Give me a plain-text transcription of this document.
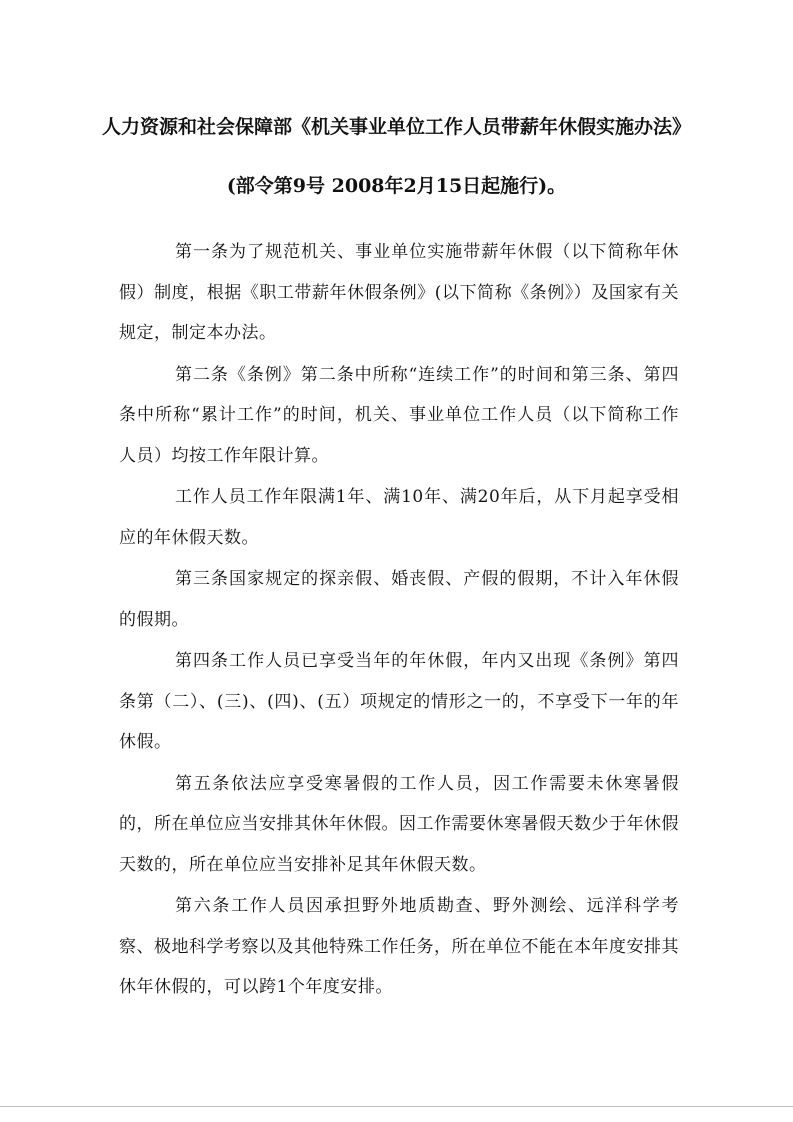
人力资源和社会保障部《机关事业单位工作人员带薪年休假实施办法》
(部令第9号 2008年2月15日起施行)。

第一条为了规范机关、事业单位实施带薪年休假（以下简称年休假）制度，根据《职工带薪年休假条例》(以下简称《条例》）及国家有关规定，制定本办法。

第二条《条例》第二条中所称“连续工作”的时间和第三条、第四条中所称“累计工作”的时间，机关、事业单位工作人员（以下简称工作人员）均按工作年限计算。

工作人员工作年限满1年、满10年、满20年后，从下月起享受相应的年休假天数。

第三条国家规定的探亲假、婚丧假、产假的假期，不计入年休假的假期。

第四条工作人员已享受当年的年休假，年内又出现《条例》第四条第（二）、(三)、(四)、(五）项规定的情形之一的，不享受下一年的年休假。

第五条依法应享受寒暑假的工作人员，因工作需要未休寒暑假的，所在单位应当安排其休年休假。因工作需要休寒暑假天数少于年休假天数的，所在单位应当安排补足其年休假天数。

第六条工作人员因承担野外地质勘查、野外测绘、远洋科学考察、极地科学考察以及其他特殊工作任务，所在单位不能在本年度安排其休年休假的，可以跨1个年度安排。
